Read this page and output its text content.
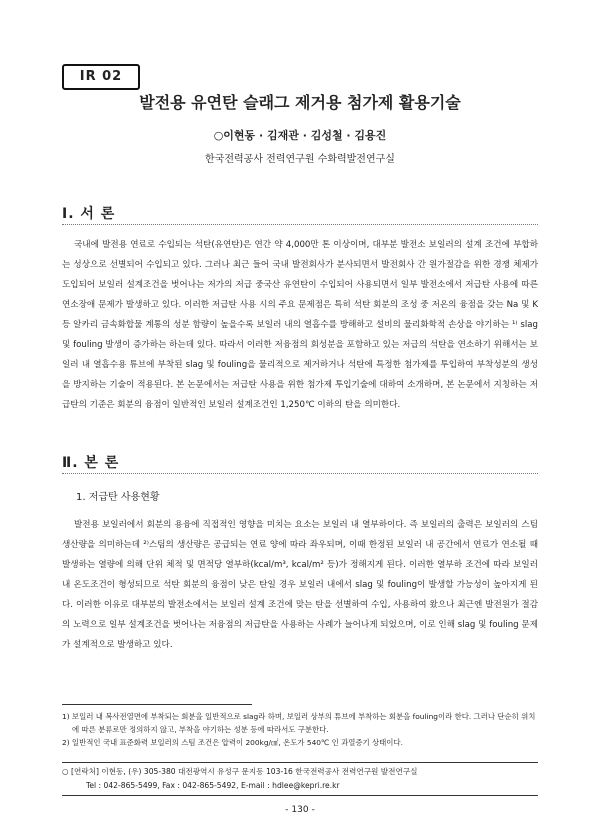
IR 02
발전용 유연탄 슬래그 제거용 첨가제 활용기술
○이현동 · 김재관 · 김성철 · 김용진
한국전력공사 전력연구원 수화력발전연구실
Ⅰ. 서 론

국내에 발전용 연료로 수입되는 석탄(유연탄)은 연간 약 4,000만 톤 이상이며, 대부분 발전소 보일러의 설계 조건에 부합하는 성상으로 선별되어 수입되고 있다. 그러나 최근 들어 국내 발전회사가 분사되면서 발전회사 간 원가절감을 위한 경쟁 체제가 도입되어 보일러 설계조건을 벗어나는 저가의 저급 중국산 유연탄이 수입되어 사용되면서 일부 발전소에서 저급탄 사용에 따른 연소장애 문제가 발생하고 있다. 이러한 저급탄 사용 시의 주요 문제점은 특히 석탄 회분의 조성 중 저온의 융점을 갖는 Na 및 K 등 알카리 금속화합물 계통의 성분 함량이 높을수록 보일러 내의 열흡수를 방해하고 설비의 물리화학적 손상을 야기하는 ¹⁾ slag 및 fouling 발생이 증가하는 하는데 있다. 따라서 이러한 저융점의 회성분을 포함하고 있는 저급의 석탄을 연소하기 위해서는 보일러 내 열흡수용 튜브에 부착된 slag 및 fouling을 물리적으로 제거하거나 석탄에 특정한 첨가제를 투입하여 부착성분의 생성을 방지하는 기술이 적용된다. 본 논문에서는 저급탄 사용을 위한 첨가제 투입기술에 대하여 소개하며, 본 논문에서 지칭하는 저급탄의 기준은 회분의 융점이 일반적인 보일러 설계조건인 1,250℃ 이하의 탄을 의미한다.

Ⅱ. 본 론
1. 저급탄 사용현황

발전용 보일러에서 회분의 용융에 직접적인 영향을 미치는 요소는 보일러 내 열부하이다. 즉 보일러의 출력은 보일러의 스팀 생산량을 의미하는데 ²⁾스팀의 생산량은 공급되는 연료 양에 따라 좌우되며, 이때 한정된 보일러 내 공간에서 연료가 연소될 때 발생하는 열량에 의해 단위 체적 및 면적당 열부하(kcal/m³, kcal/m² 등)가 정해지게 된다. 이러한 열부하 조건에 따라 보일러 내 온도조건이 형성되므로 석탄 회분의 융점이 낮은 탄일 경우 보일러 내에서 slag 및 fouling이 발생할 가능성이 높아지게 된다. 이러한 이유로 대부분의 발전소에서는 보일러 설계 조건에 맞는 탄을 선별하여 수입, 사용하여 왔으나 최근엔 발전원가 절감의 노력으로 일부 설계조건을 벗어나는 저융점의 저급탄을 사용하는 사례가 늘어나게 되었으며, 이로 인해 slag 및 fouling 문제가 설계적으로 발생하고 있다.

1) 보일러 내 복사전열면에 부착되는 회분을 일반적으로 slag라 하며, 보일러 상부의 튜브에 부착하는 회분을 fouling이라 한다. 그러나 단순히 위치에 따른 분류로만 정의하지 않고, 부착을 야기하는 성분 등에 따라서도 구분한다.
2) 일반적인 국내 표준화력 보일러의 스팀 조건은 압력이 200kg/㎠, 온도가 540℃ 인 과열증기 상태이다.
○ [연락처] 이현동, (우) 305-380 대전광역시 유성구 문지동 103-16 한국전력공사 전력연구원 발전연구실
Tel : 042-865-5499, Fax : 042-865-5492, E-mail : hdlee@kepri.re.kr
- 130 -
